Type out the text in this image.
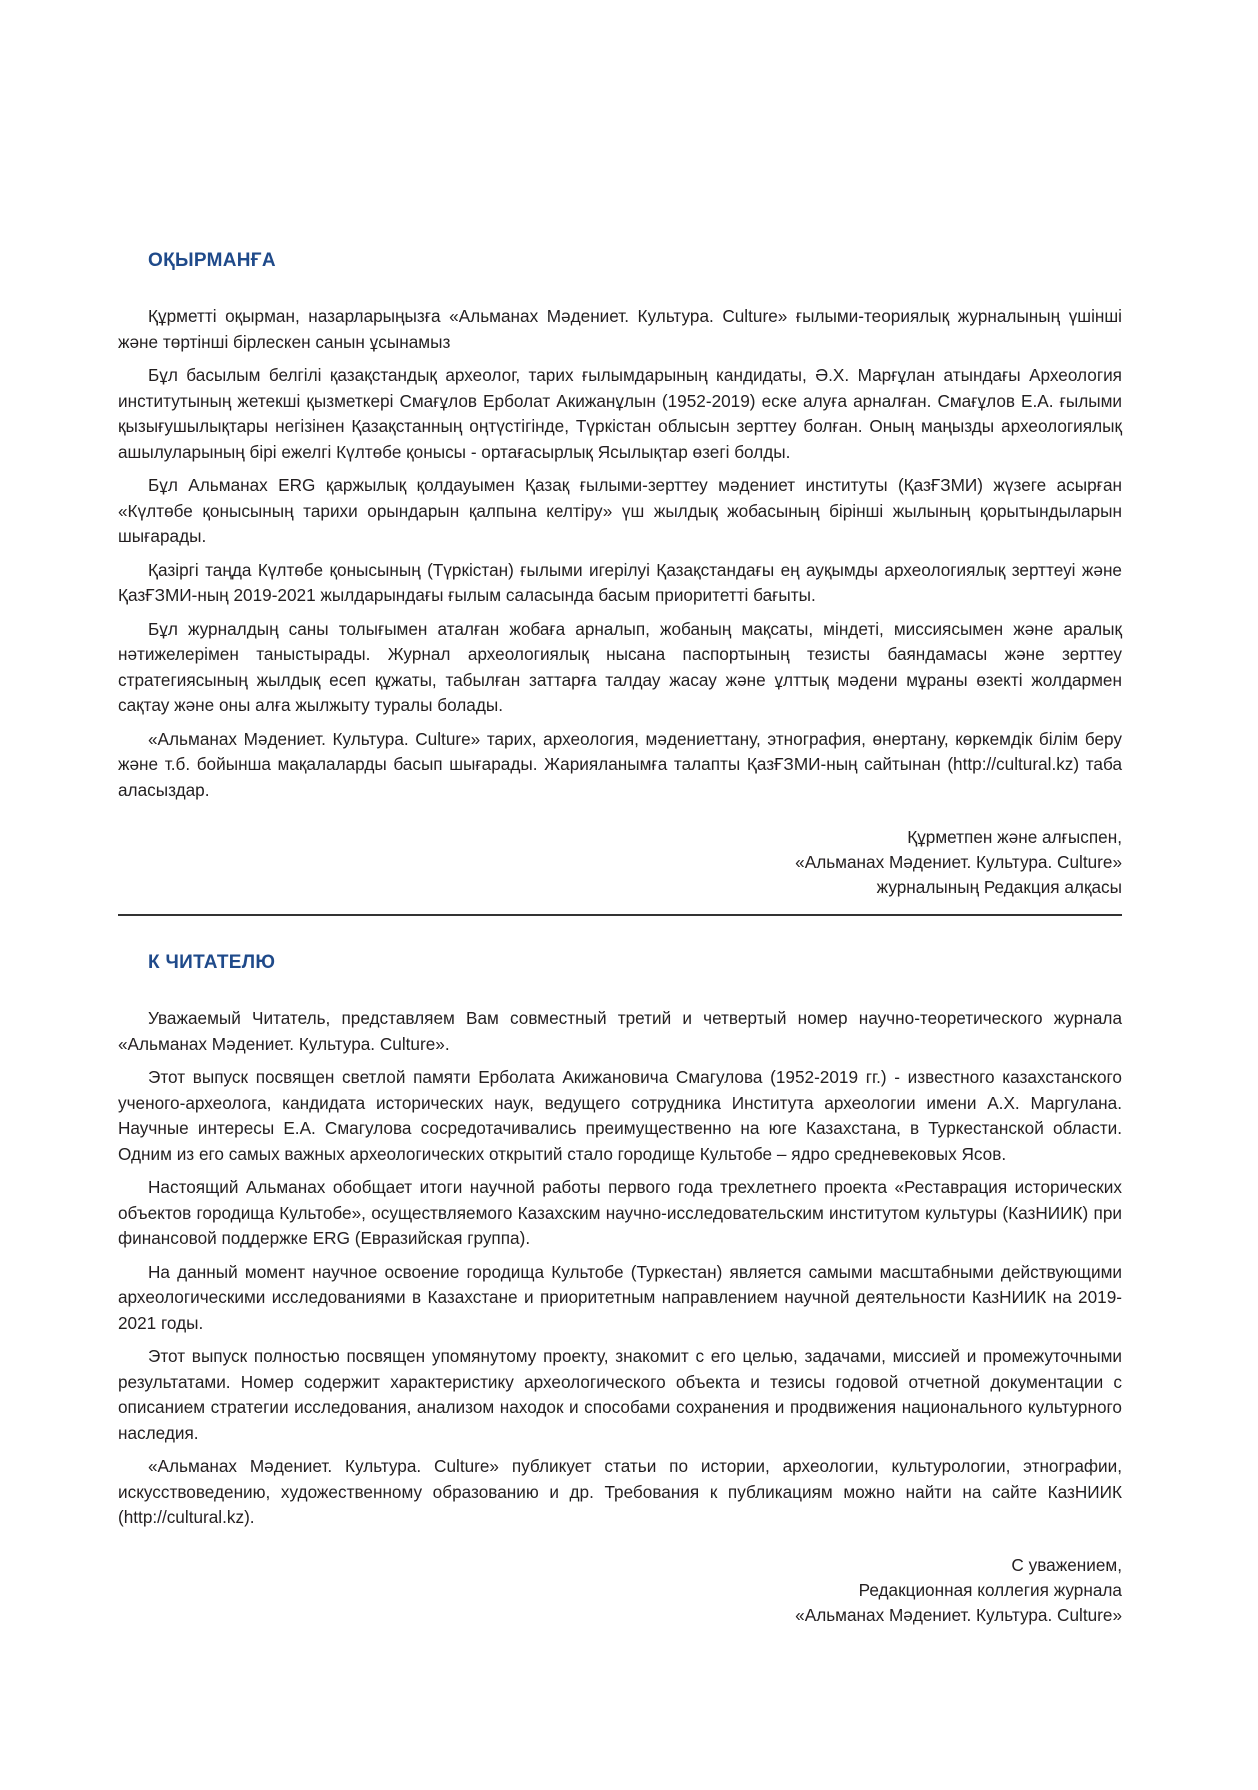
ОҚЫРМАНҒА

Құрметті оқырман, назарларыңызға «Альманах Мәдениет. Культура. Culture» ғылыми-теориялық журналының үшінші және төртінші бірлескен санын ұсынамыз

Бұл басылым белгілі қазақстандық археолог, тарих ғылымдарының кандидаты, Ә.Х. Марғұлан атындағы Археология институтының жетекші қызметкері Смағұлов Ерболат Акижанұлын (1952-2019) еске алуға арналған. Смағұлов Е.А. ғылыми қызығушылықтары негізінен Қазақстанның оңтүстігінде, Түркістан облысын зерттеу болған. Оның маңызды археологиялық ашылуларының бірі ежелгі Күлтөбе қонысы - ортағасырлық Ясылықтар өзегі болды.

Бұл Альманах ERG қаржылық қолдауымен Қазақ ғылыми-зерттеу мәдениет институты (ҚазҒЗМИ) жүзеге асырған «Күлтөбе қонысының тарихи орындарын қалпына келтіру» үш жылдық жобасының бірінші жылының қорытындыларын шығарады.

Қазіргі таңда Күлтөбе қонысының (Түркістан) ғылыми игерілуі Қазақстандағы ең ауқымды археологиялық зерттеуі және ҚазҒЗМИ-ның 2019-2021 жылдарындағы ғылым саласында басым приоритетті бағыты.

Бұл журналдың саны толығымен аталған жобаға арналып, жобаның мақсаты, міндеті, миссиясымен және аралық нәтижелерімен таныстырады. Журнал археологиялық нысана паспортының тезисты баяндамасы және зерттеу стратегиясының жылдық есеп құжаты, табылған заттарға талдау жасау және ұлттық мәдени мұраны өзекті жолдармен сақтау және оны алға жылжыту туралы болады.

«Альманах Мәдениет. Культура. Culture» тарих, археология, мәдениеттану, этнография, өнертану, көркемдік білім беру және т.б. бойынша мақалаларды басып шығарады. Жарияланымға талапты ҚазҒЗМИ-ның сайтынан (http://cultural.kz) таба аласыздар.

Құрметпен және алғыспен,
«Альманах Мәдениет. Культура. Culture»
журналының Редакция алқасы
К ЧИТАТЕЛЮ

Уважаемый Читатель, представляем Вам совместный третий и четвертый номер научно-теоретического журнала «Альманах Мәдениет. Культура. Culture».

Этот выпуск посвящен светлой памяти Ерболата Акижановича Смагулова (1952-2019 гг.) - известного казахстанского ученого-археолога, кандидата исторических наук, ведущего сотрудника Института археологии имени А.Х. Маргулана. Научные интересы Е.А. Смагулова сосредотачивались преимущественно на юге Казахстана, в Туркестанской области. Одним из его самых важных археологических открытий стало городище Культобе – ядро средневековых Ясов.

Настоящий Альманах обобщает итоги научной работы первого года трехлетнего проекта «Реставрация исторических объектов городища Культобе», осуществляемого Казахским научно-исследовательским институтом культуры (КазНИИК) при финансовой поддержке ERG (Евразийская группа).

На данный момент научное освоение городища Культобе (Туркестан) является самыми масштабными действующими археологическими исследованиями в Казахстане и приоритетным направлением научной деятельности КазНИИК на 2019-2021 годы.

Этот выпуск полностью посвящен упомянутому проекту, знакомит с его целью, задачами, миссией и промежуточными результатами. Номер содержит характеристику археологического объекта и тезисы годовой отчетной документации с описанием стратегии исследования, анализом находок и способами сохранения и продвижения национального культурного наследия.

«Альманах Мәдениет. Культура. Culture» публикует статьи по истории, археологии, культурологии, этнографии, искусствоведению, художественному образованию и др. Требования к публикациям можно найти на сайте КазНИИК (http://cultural.kz).

С уважением,
Редакционная коллегия журнала
«Альманах Мәдениет. Культура. Culture»
